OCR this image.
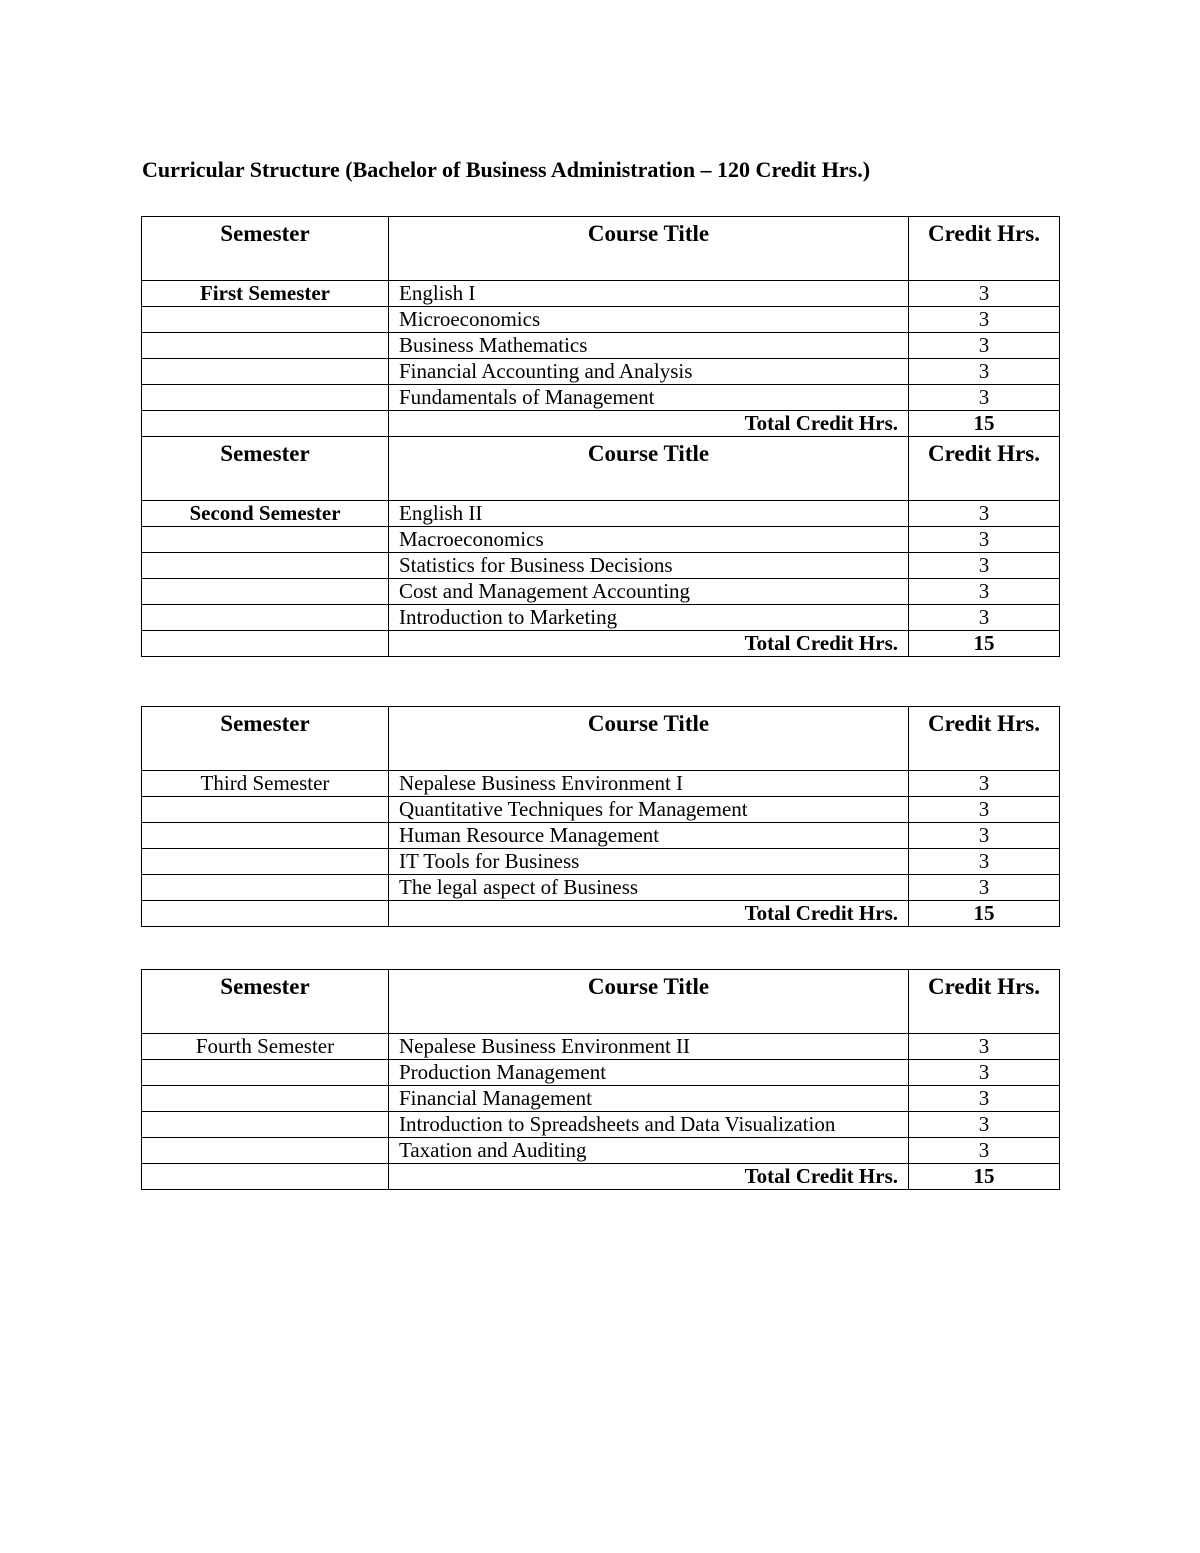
Curricular Structure (Bachelor of Business Administration – 120 Credit Hrs.)
Semester	Course Title	Credit Hrs.
First Semester	English I	3
	Microeconomics	3
	Business Mathematics	3
	Financial Accounting and Analysis	3
	Fundamentals of Management	3
	Total Credit Hrs.	15
Semester	Course Title	Credit Hrs.
Second Semester	English II	3
	Macroeconomics	3
	Statistics for Business Decisions	3
	Cost and Management Accounting	3
	Introduction to Marketing	3
	Total Credit Hrs.	15
Semester	Course Title	Credit Hrs.
Third Semester	Nepalese Business Environment I	3
	Quantitative Techniques for Management	3
	Human Resource Management	3
	IT Tools for Business	3
	The legal aspect of Business	3
	Total Credit Hrs.	15
Semester	Course Title	Credit Hrs.
Fourth Semester	Nepalese Business Environment II	3
	Production Management	3
	Financial Management	3
	Introduction to Spreadsheets and Data Visualization	3
	Taxation and Auditing	3
	Total Credit Hrs.	15
